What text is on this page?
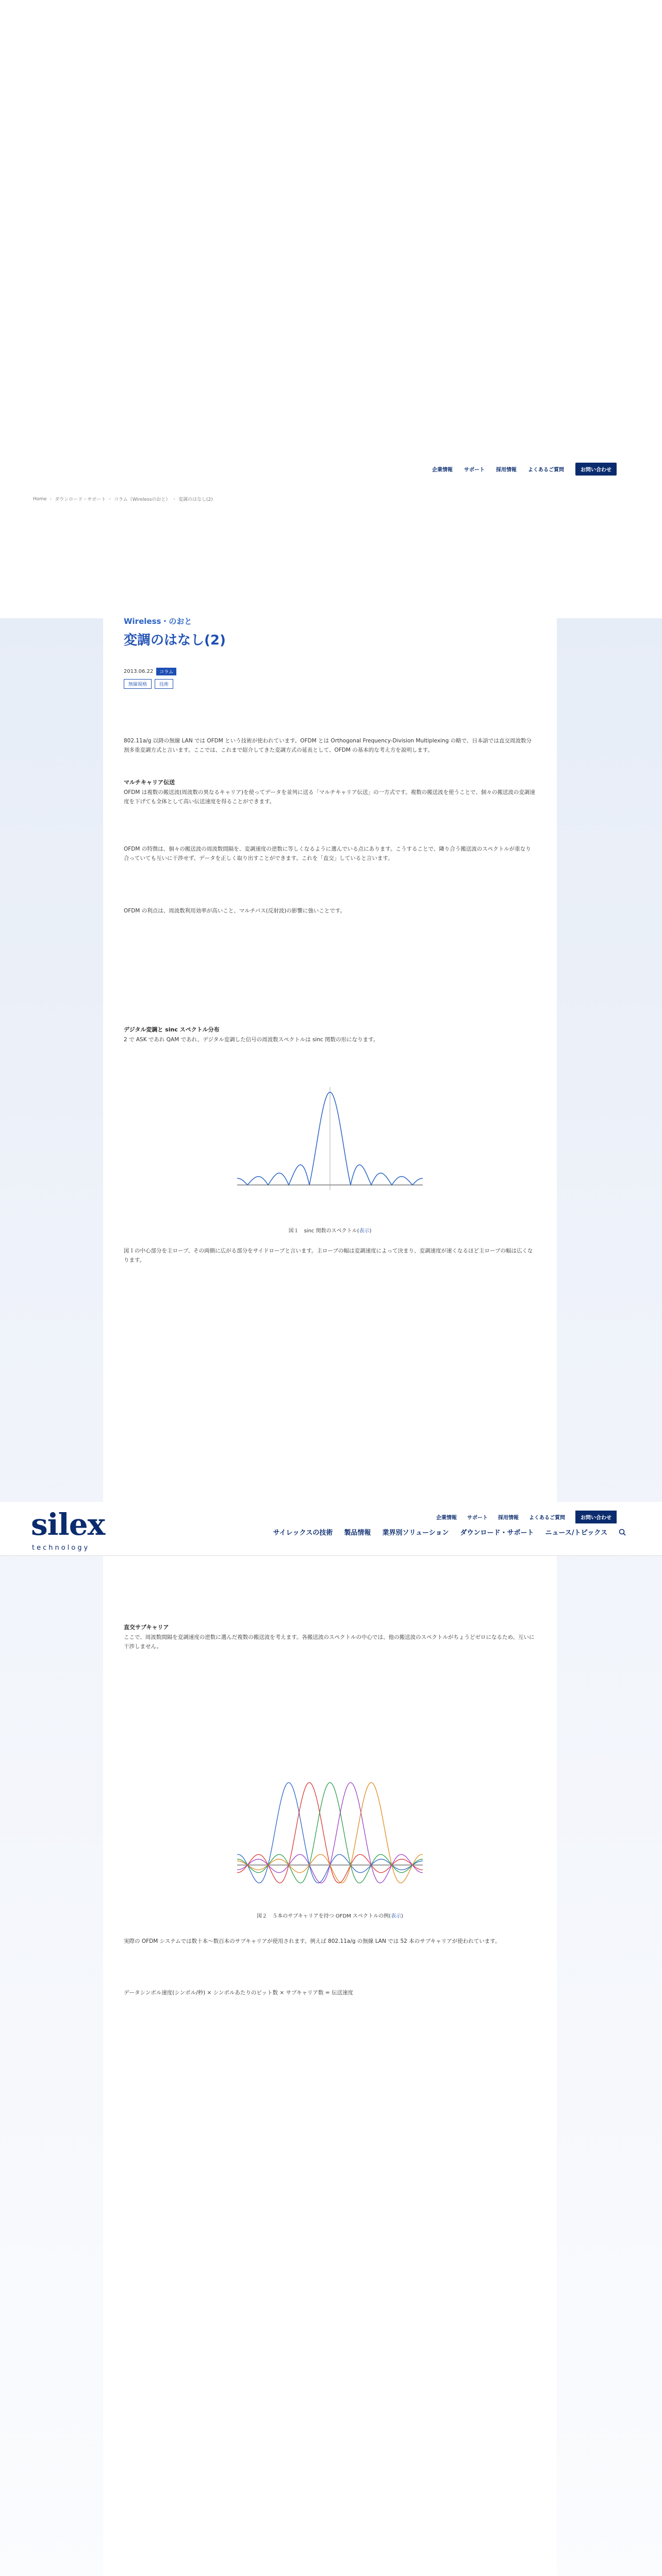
企業情報 サポート 採用情報 よくあるご質問	お問い合わせ
Home › ダウンロード・サポート › コラム（Wirelessのおと） › 変調のはなし(2)
Wireless・のおと
変調のはなし(2)
2013.06.22	コラム
無線規格	技術

802.11a/g 以降の無線 LAN では OFDM という技術が使われています。OFDM とは Orthogonal Frequency-Division Multiplexing の略で、日本語では直交周波数分割多重変調方式と言います。ここでは、これまで紹介してきた変調方式の延長として、OFDM の基本的な考え方を説明します。

マルチキャリア伝送

OFDM は複数の搬送波(周波数の異なるキャリア)を使ってデータを並列に送る「マルチキャリア伝送」の一方式です。複数の搬送波を使うことで、個々の搬送波の変調速度を下げても全体として高い伝送速度を得ることができます。

OFDM の特徴は、個々の搬送波の周波数間隔を、変調速度の逆数に等しくなるように選んでいる点にあります。こうすることで、隣り合う搬送波のスペクトルが重なり合っていても互いに干渉せず、データを正しく取り出すことができます。これを「直交」していると言います。

OFDM の利点は、周波数利用効率が高いこと、マルチパス(反射波)の影響に強いことです。

デジタル変調と sinc スペクトル分布

2 で ASK であれ QAM であれ、デジタル変調した信号の周波数スペクトルは sinc 関数の形になります。

図１　sinc 関数のスペクトル(表示)

図１の中心部分を主ローブ、その両側に広がる部分をサイドローブと言います。主ローブの幅は変調速度によって決まり、変調速度が速くなるほど主ローブの幅は広くなります。

silex
technology
企業情報 サポート 採用情報 よくあるご質問	お問い合わせ
サイレックスの技術 製品情報 業界別ソリューション ダウンロード・サポート ニュース/トピックス
直交サブキャリア

ここで、周波数間隔を変調速度の逆数に選んだ複数の搬送波を考えます。各搬送波のスペクトルの中心では、他の搬送波のスペクトルがちょうどゼロになるため、互いに干渉しません。

図２　５本のサブキャリアを持つ OFDM スペクトルの例(表示)

実際の OFDM システムでは数十本〜数百本のサブキャリアが使用されます。例えば 802.11a/g の無線 LAN では 52 本のサブキャリアが使われています。

データシンボル速度(シンボル/秒) × シンボルあたりのビット数 × サブキャリア数 = 伝送速度
